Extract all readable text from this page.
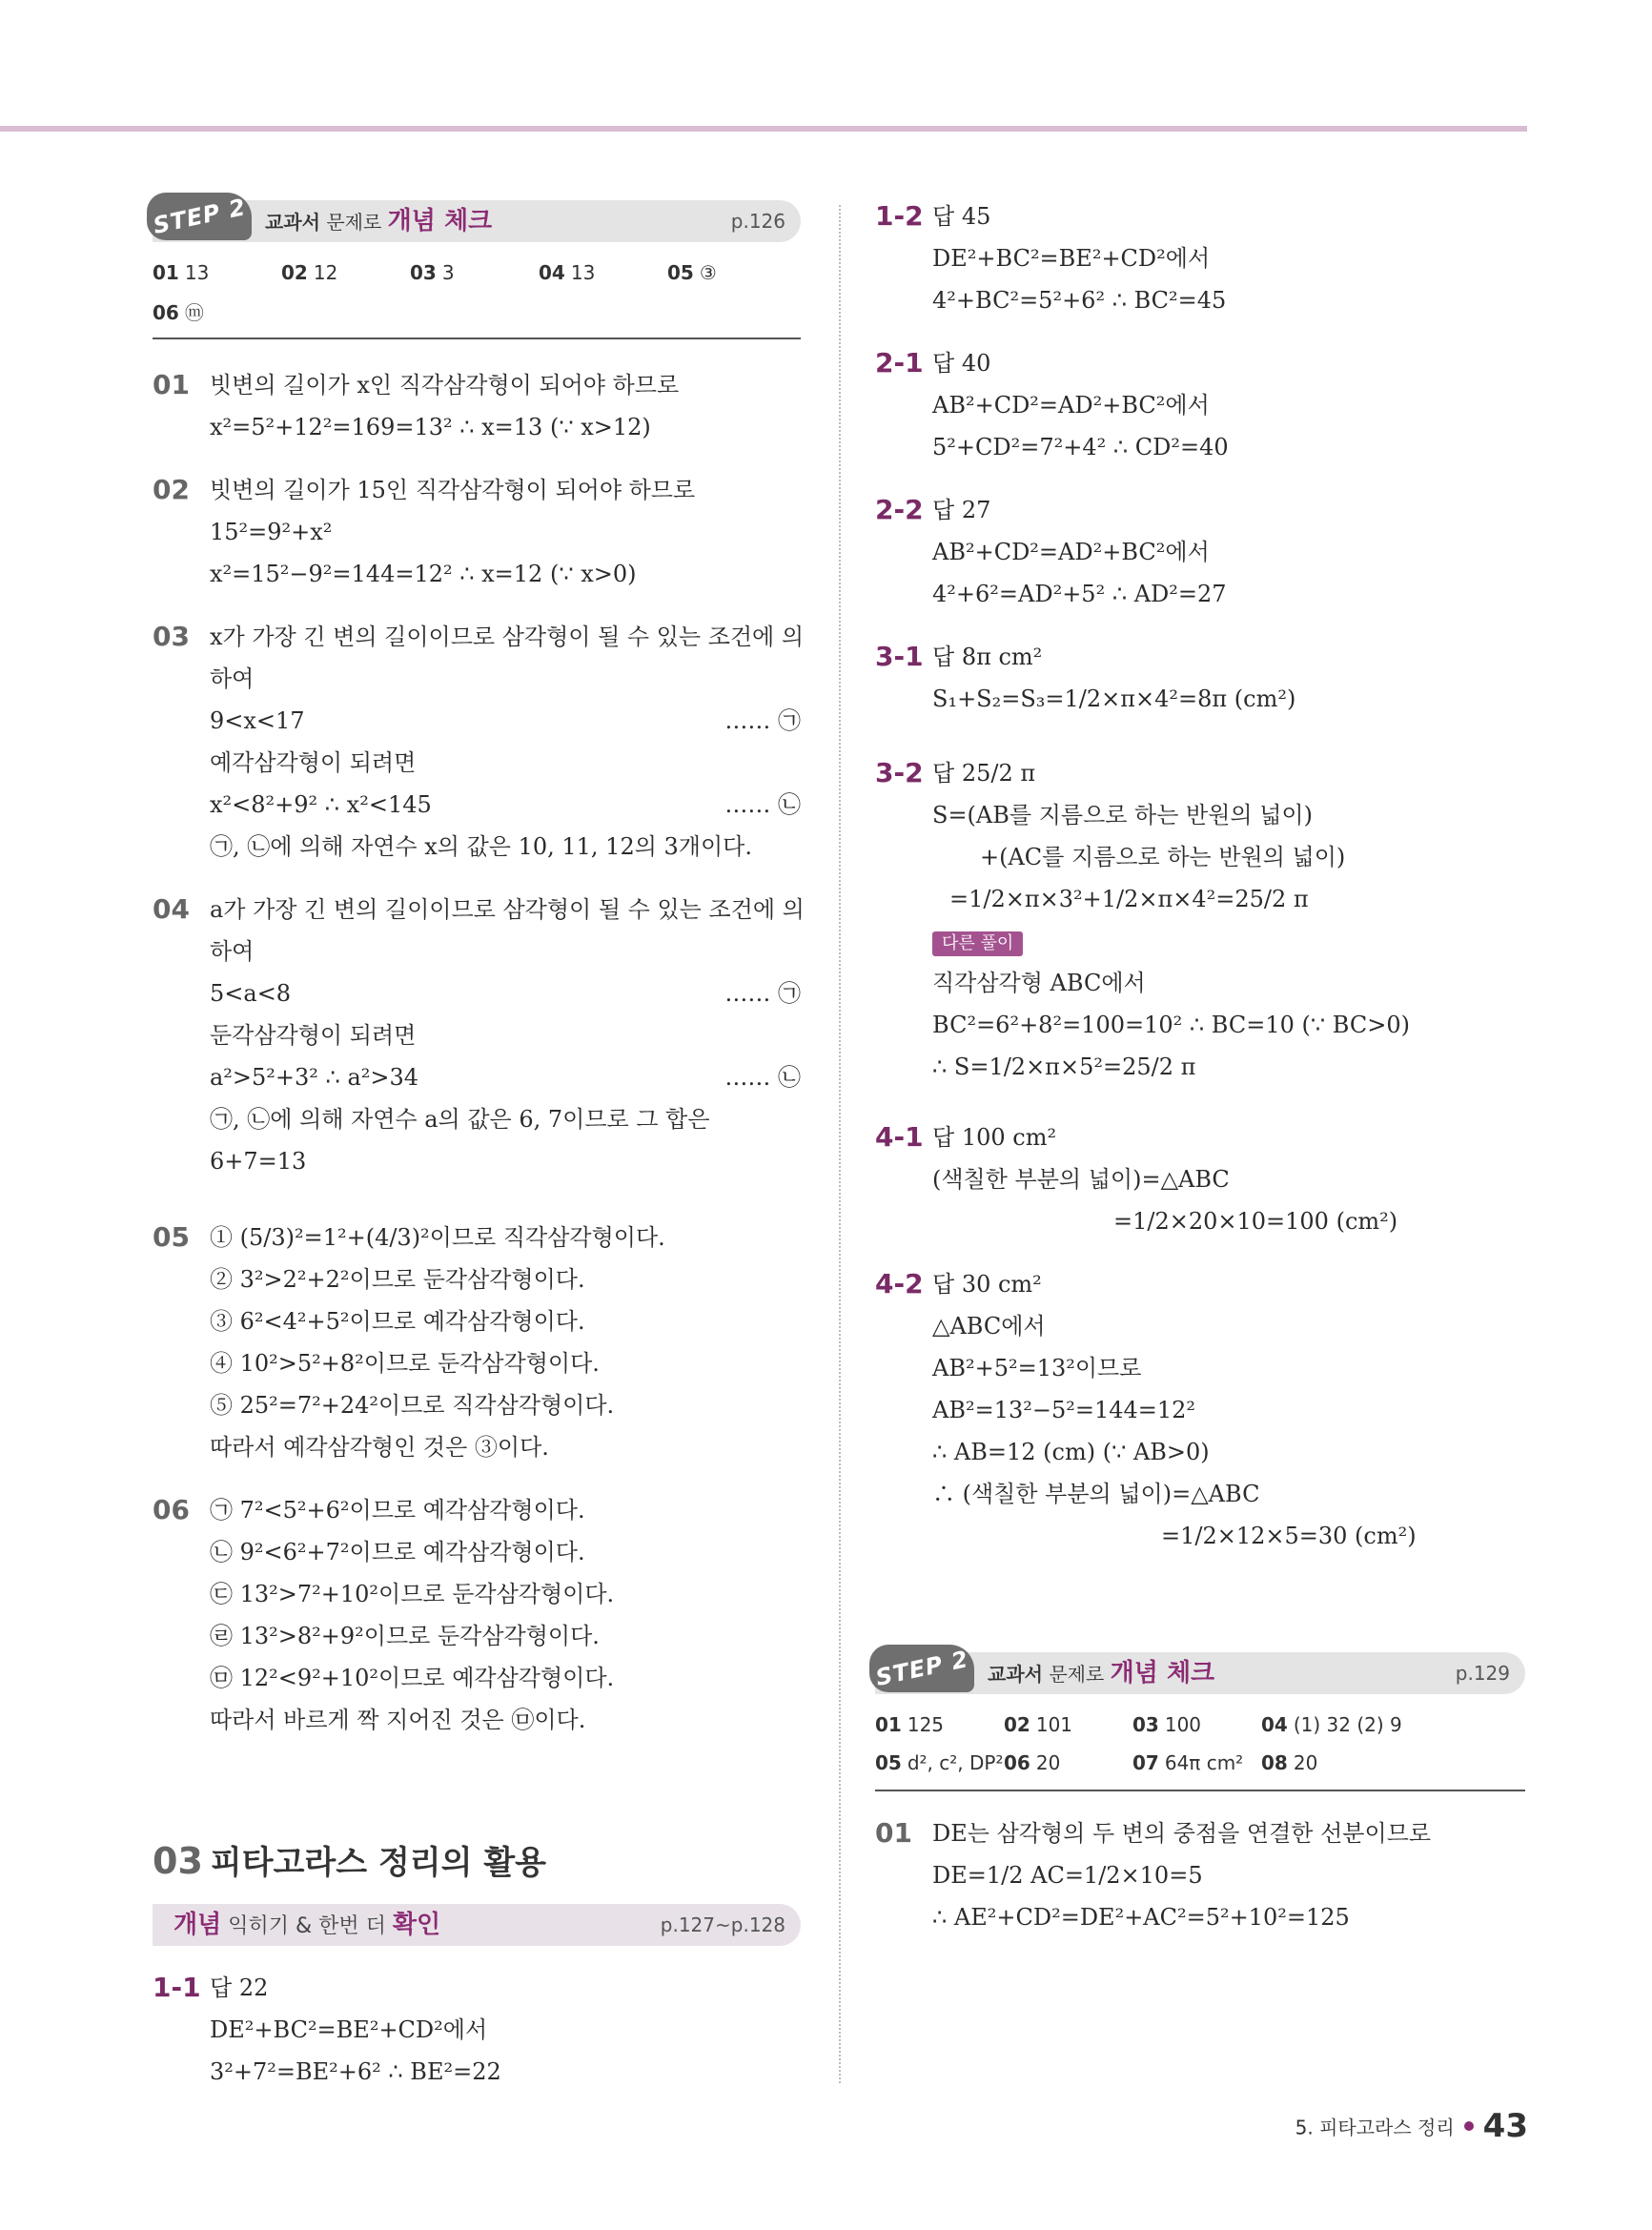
STEP 2 교과서 문제로 개념 체크	p.126
01 13	02 12	03 3	04 13	05 ③
06 ⓜ
01 빗변의 길이가 x인 직각삼각형이 되어야 하므로
x²=5²+12²=169=13² ∴ x=13 (∵ x>12)
02 빗변의 길이가 15인 직각삼각형이 되어야 하므로
15²=9²+x²
x²=15²−9²=144=12² ∴ x=12 (∵ x>0)
03 x가 가장 긴 변의 길이이므로 삼각형이 될 수 있는 조건에 의
하여
9<x<17	…… ㉠
예각삼각형이 되려면
x²<8²+9² ∴ x²<145	…… ㉡
㉠, ㉡에 의해 자연수 x의 값은 10, 11, 12의 3개이다.
04 a가 가장 긴 변의 길이이므로 삼각형이 될 수 있는 조건에 의
하여
5<a<8	…… ㉠
둔각삼각형이 되려면
a²>5²+3² ∴ a²>34	…… ㉡
㉠, ㉡에 의해 자연수 a의 값은 6, 7이므로 그 합은
6+7=13
05 ① (5/3)²=1²+(4/3)²이므로 직각삼각형이다.
② 3²>2²+2²이므로 둔각삼각형이다.
③ 6²<4²+5²이므로 예각삼각형이다.
④ 10²>5²+8²이므로 둔각삼각형이다.
⑤ 25²=7²+24²이므로 직각삼각형이다.
따라서 예각삼각형인 것은 ③이다.
06 ㉠ 7²<5²+6²이므로 예각삼각형이다.
㉡ 9²<6²+7²이므로 예각삼각형이다.
㉢ 13²>7²+10²이므로 둔각삼각형이다.
㉣ 13²>8²+9²이므로 둔각삼각형이다.
㉤ 12²<9²+10²이므로 예각삼각형이다.
따라서 바르게 짝 지어진 것은 ㉤이다.
03 피타고라스 정리의 활용
개념 익히기 & 한번 더 확인	p.127~p.128
1-1 답 22
DE²+BC²=BE²+CD²에서
3²+7²=BE²+6² ∴ BE²=22
1-2 답 45
DE²+BC²=BE²+CD²에서
4²+BC²=5²+6² ∴ BC²=45
2-1 답 40
AB²+CD²=AD²+BC²에서
5²+CD²=7²+4² ∴ CD²=40
2-2 답 27
AB²+CD²=AD²+BC²에서
4²+6²=AD²+5² ∴ AD²=27
3-1 답 8π cm²
S₁+S₂=S₃=1/2×π×4²=8π (cm²)
3-2 답 25/2 π
S=(AB를 지름으로 하는 반원의 넓이)
+(AC를 지름으로 하는 반원의 넓이)
=1/2×π×3²+1/2×π×4²=25/2 π
다른 풀이
직각삼각형 ABC에서
BC²=6²+8²=100=10² ∴ BC=10 (∵ BC>0)
∴ S=1/2×π×5²=25/2 π
4-1 답 100 cm²
(색칠한 부분의 넓이)=△ABC
=1/2×20×10=100 (cm²)
4-2 답 30 cm²
△ABC에서
AB²+5²=13²이므로
AB²=13²−5²=144=12²
∴ AB=12 (cm) (∵ AB>0)
∴ (색칠한 부분의 넓이)=△ABC
=1/2×12×5=30 (cm²)
STEP 2 교과서 문제로 개념 체크	p.129
01 125	02 101	03 100	04 (1) 32 (2) 9
05 d², c², DP² 06 20	07 64π cm² 08 20
01 DE는 삼각형의 두 변의 중점을 연결한 선분이므로
DE=1/2 AC=1/2×10=5
∴ AE²+CD²=DE²+AC²=5²+10²=125
5. 피타고라스 정리 43
